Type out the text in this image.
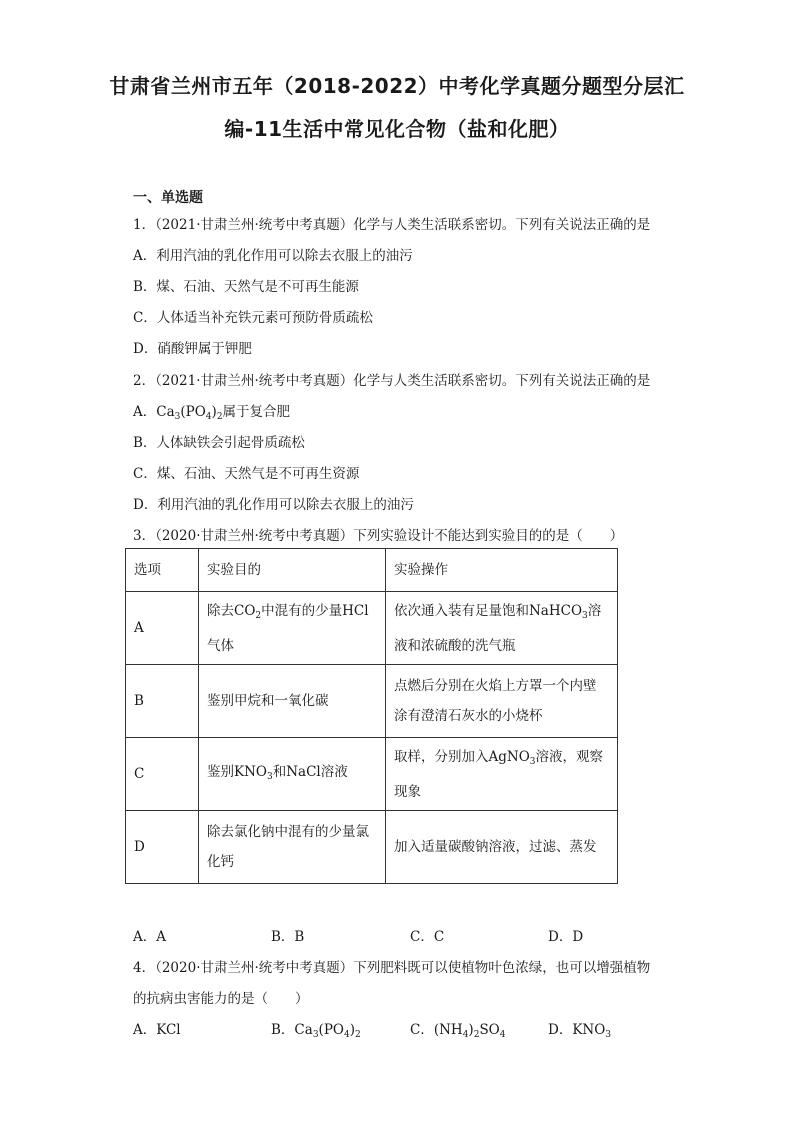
甘肃省兰州市五年（2018-2022）中考化学真题分题型分层汇
编-11生活中常见化合物（盐和化肥）
一、单选题
1．（2021·甘肃兰州·统考中考真题）化学与人类生活联系密切。下列有关说法正确的是
A．利用汽油的乳化作用可以除去衣服上的油污
B．煤、石油、天然气是不可再生能源
C．人体适当补充铁元素可预防骨质疏松
D．硝酸钾属于钾肥
2．（2021·甘肃兰州·统考中考真题）化学与人类生活联系密切。下列有关说法正确的是
A．$Ca_3(PO_4)_2$属于复合肥
B．人体缺铁会引起骨质疏松
C．煤、石油、天然气是不可再生资源
D．利用汽油的乳化作用可以除去衣服上的油污
3．（2020·甘肃兰州·统考中考真题）下列实验设计不能达到实验目的的是（　　）
选项	实验目的	实验操作
A	除去$CO_2$中混有的少量HCl气体	依次通入装有足量饱和NaHCO$_3$溶液和浓硫酸的洗气瓶
B	鉴别甲烷和一氧化碳	点燃后分别在火焰上方罩一个内壁涂有澄清石灰水的小烧杯
C	鉴别$KNO_3$和NaCl溶液	取样，分别加入AgNO$_3$溶液，观察现象
D	除去氯化钠中混有的少量氯化钙	加入适量碳酸钠溶液，过滤、蒸发
A．A	B．B	C．C	D．D
4．（2020·甘肃兰州·统考中考真题）下列肥料既可以使植物叶色浓绿，也可以增强植物
的抗病虫害能力的是（　　）
A．KCl	B．$Ca_3(PO_4)_2$	C．$(NH_4)_2SO_4$	D．$KNO_3$
